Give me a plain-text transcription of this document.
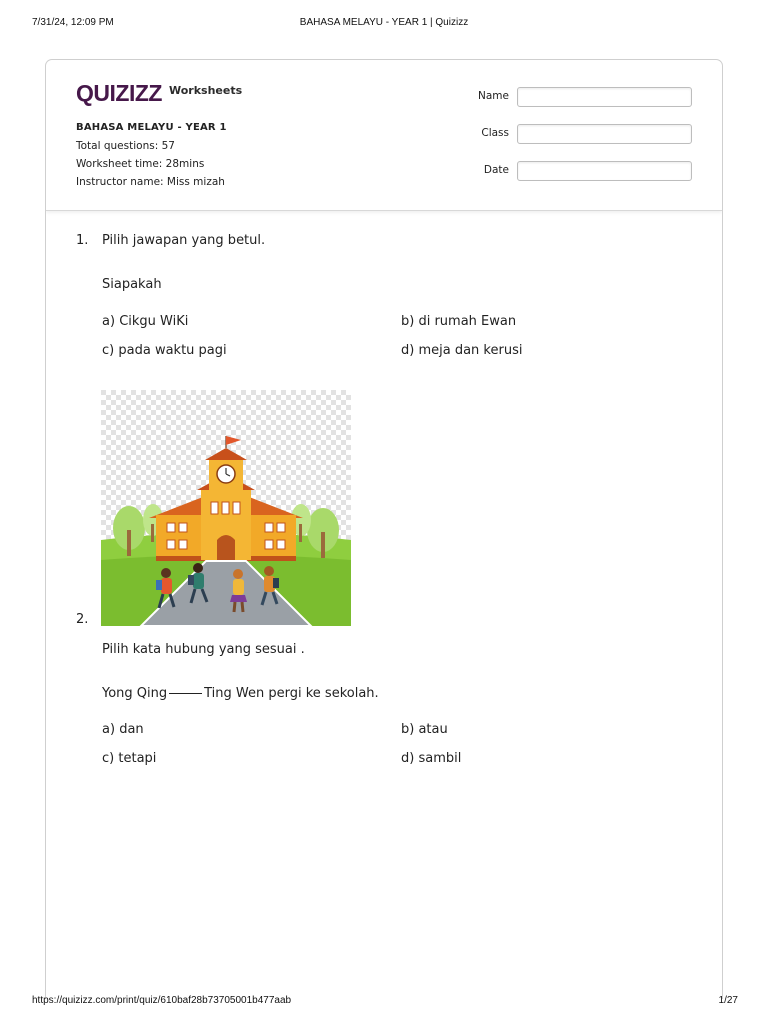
7/31/24, 12:09 PM	BAHASA MELAYU - YEAR 1 | Quizizz
QUIZIZZ Worksheets
BAHASA MELAYU - YEAR 1
Total questions: 57
Worksheet time: 28mins
Instructor name: Miss mizah
Name
Class
Date
1. Pilih jawapan yang betul.
Siapakah
a) Cikgu WiKi	b) di rumah Ewan
c) pada waktu pagi	d) meja dan kerusi
2.
Pilih kata hubung yang sesuai .
Yong Qing	Ting Wen pergi ke sekolah.
a) dan	b) atau
c) tetapi	d) sambil
https://quizizz.com/print/quiz/610baf28b73705001b477aab	1/27
